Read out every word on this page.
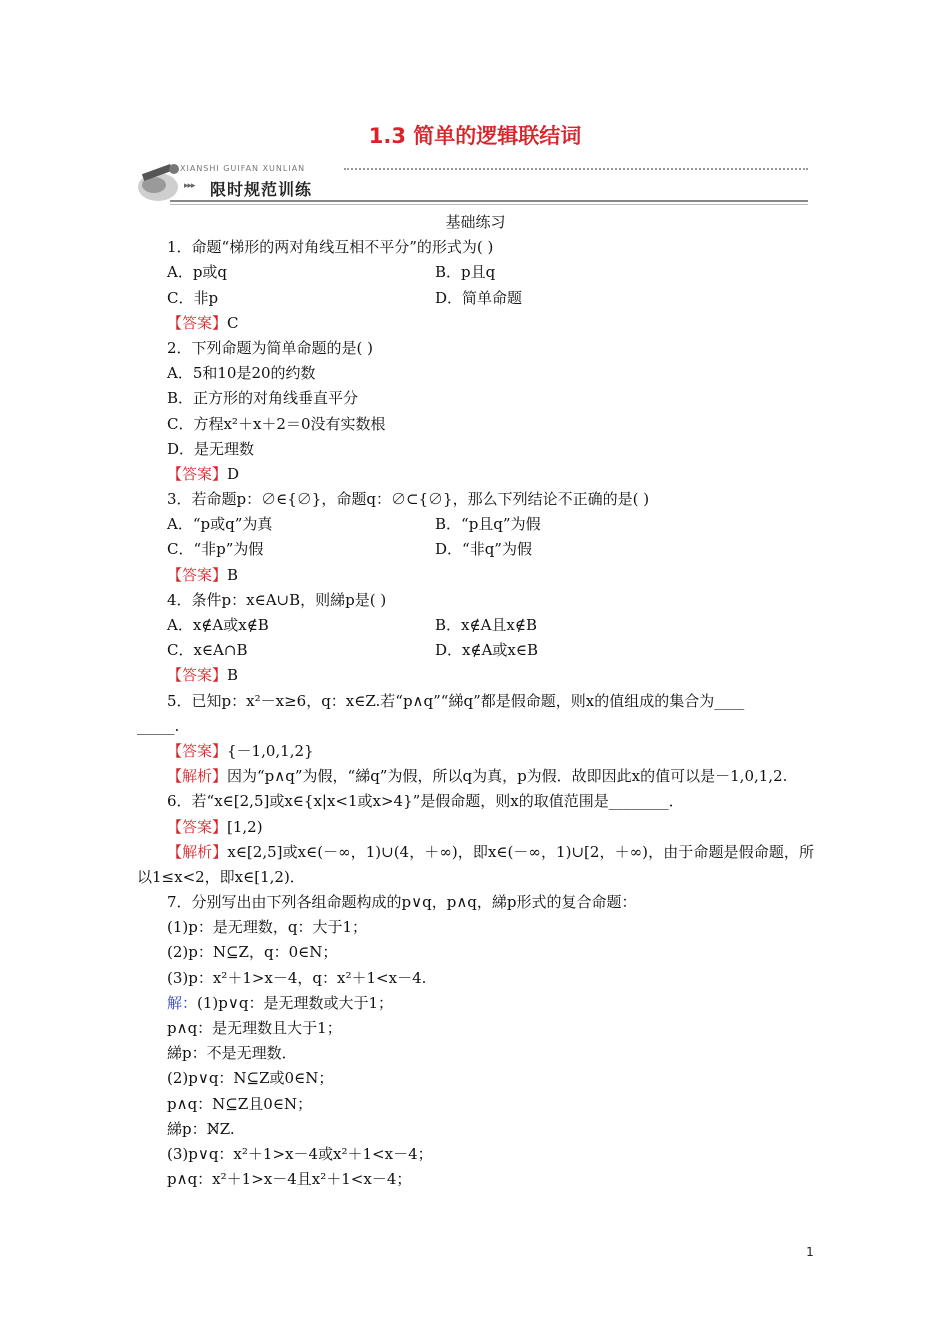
1.3 简单的逻辑联结词
XIANSHI GUIFAN XUNLIAN
▸▸▸ 限时规范训练
基础练习
1．命题“梯形的两对角线互相不平分”的形式为( )
A．p或q	B．p且q
C．非p	D．简单命题
【答案】C
2．下列命题为简单命题的是( )
A．5和10是20的约数
B．正方形的对角线垂直平分
C．方程x²＋x＋2＝0没有实数根
D．是无理数
【答案】D
3．若命题p：∅∈{∅}，命题q：∅⊂{∅}，那么下列结论不正确的是( )
A．“p或q”为真	B．“p且q”为假
C．“非p”为假	D．“非q”为假
【答案】B
4．条件p：x∈A∪B，则綈p是( )
A．x∉A或x∉B	B．x∉A且x∉B
C．x∈A∩B	D．x∉A或x∈B
【答案】B
5．已知p：x²－x≥6，q：x∈Z.若“p∧q”“綈q”都是假命题，则x的值组成的集合为____
_____.
【答案】{－1,0,1,2}
【解析】因为“p∧q”为假，“綈q”为假，所以q为真，p为假．故即因此x的值可以是－1,0,1,2.
6．若“x∈[2,5]或x∈{x|x<1或x>4}”是假命题，则x的取值范围是________．
【答案】[1,2)
【解析】x∈[2,5]或x∈(－∞，1)∪(4，＋∞)，即x∈(－∞，1)∪[2，＋∞)，由于命题是假命题，所以1≤x<2，即x∈[1,2)．
7．分别写出由下列各组命题构成的p∨q，p∧q，綈p形式的复合命题：
(1)p：是无理数，q：大于1；
(2)p：N⊆Z，q：0∈N；
(3)p：x²＋1>x－4，q：x²＋1<x－4.
解：(1)p∨q：是无理数或大于1；
p∧q：是无理数且大于1；
綈p：不是无理数．
(2)p∨q：N⊆Z或0∈N；
p∧q：N⊆Z且0∈N；
綈p：N̸Z.
(3)p∨q：x²＋1>x－4或x²＋1<x－4；
p∧q：x²＋1>x－4且x²＋1<x－4；
1
